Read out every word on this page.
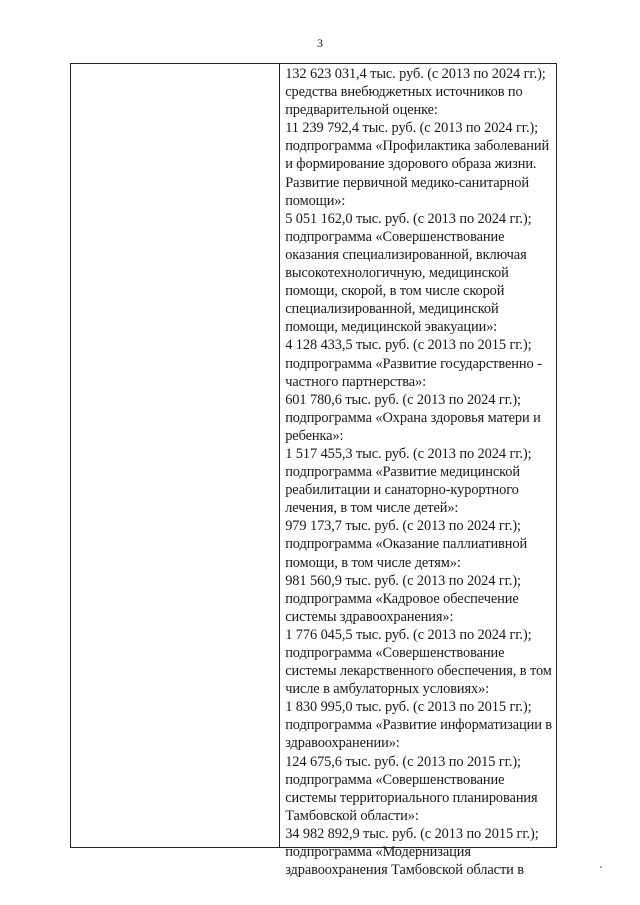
3
132 623 031,4 тыс. руб. (с 2013 по 2024 гг.);
средства внебюджетных источников по
предварительной оценке:
11 239 792,4 тыс. руб. (с 2013 по 2024 гг.);
подпрограмма «Профилактика заболеваний
и формирование здорового образа жизни.
Развитие первичной медико-санитарной
помощи»:
5 051 162,0 тыс. руб. (с 2013 по 2024 гг.);
подпрограмма «Совершенствование
оказания специализированной, включая
высокотехнологичную, медицинской
помощи, скорой, в том числе скорой
специализированной, медицинской
помощи, медицинской эвакуации»:
4 128 433,5 тыс. руб. (с 2013 по 2015 гг.);
подпрограмма «Развитие государственно -
частного партнерства»:
601 780,6 тыс. руб. (с 2013 по 2024 гг.);
подпрограмма «Охрана здоровья матери и
ребенка»:
1 517 455,3 тыс. руб. (с 2013 по 2024 гг.);
подпрограмма «Развитие медицинской
реабилитации и санаторно-курортного
лечения, в том числе детей»:
979 173,7 тыс. руб. (с 2013 по 2024 гг.);
подпрограмма «Оказание паллиативной
помощи, в том числе детям»:
981 560,9 тыс. руб. (с 2013 по 2024 гг.);
подпрограмма «Кадровое обеспечение
системы здравоохранения»:
1 776 045,5 тыс. руб. (с 2013 по 2024 гг.);
подпрограмма «Совершенствование
системы лекарственного обеспечения, в том
числе в амбулаторных условиях»:
1 830 995,0 тыс. руб. (с 2013 по 2015 гг.);
подпрограмма «Развитие информатизации в
здравоохранении»:
124 675,6 тыс. руб. (с 2013 по 2015 гг.);
подпрограмма «Совершенствование
системы территориального планирования
Тамбовской области»:
34 982 892,9 тыс. руб. (с 2013 по 2015 гг.);
подпрограмма «Модернизация
здравоохранения Тамбовской области в
